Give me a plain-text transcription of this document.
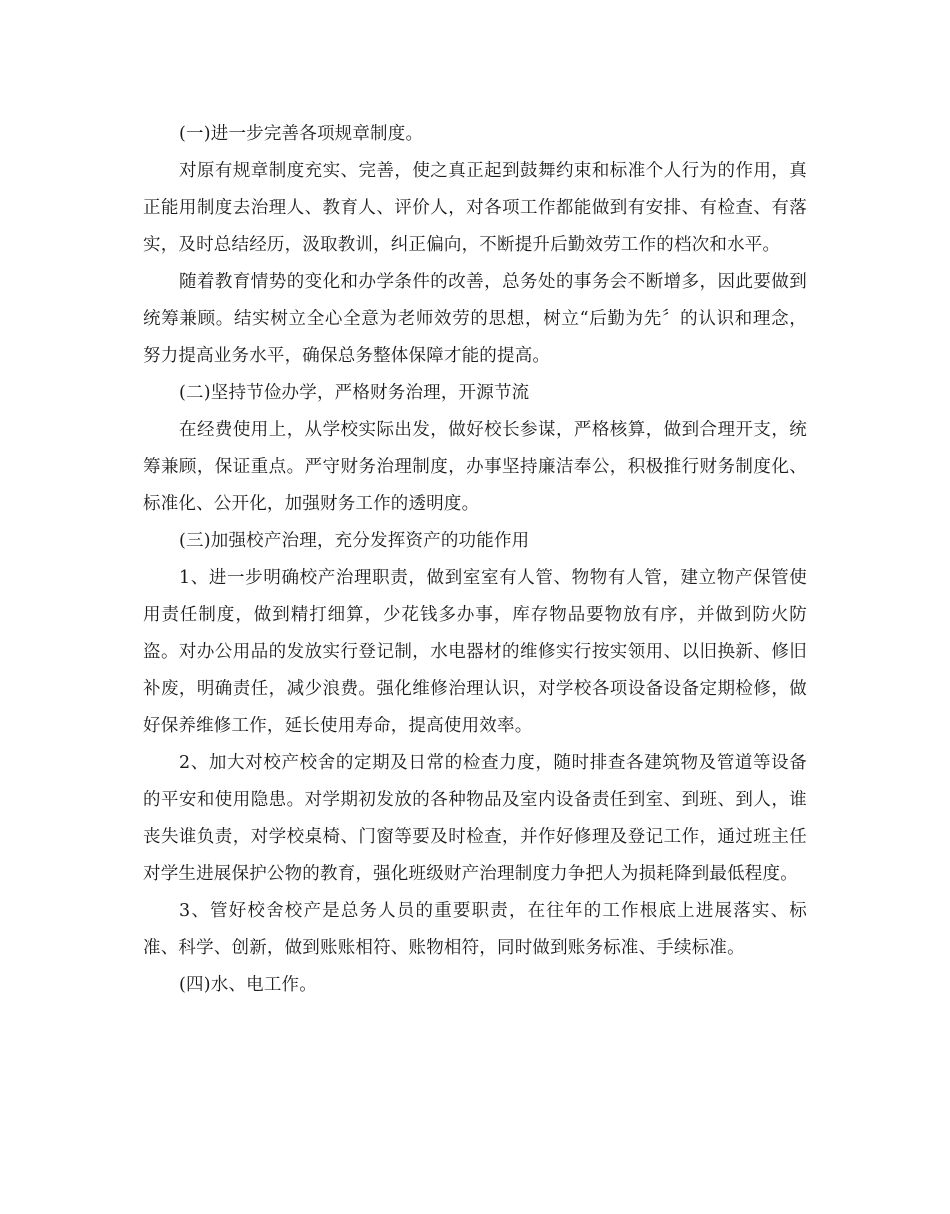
(一)进一步完善各项规章制度。

对原有规章制度充实、完善，使之真正起到鼓舞约束和标准个人行为的作用，真正能用制度去治理人、教育人、评价人，对各项工作都能做到有安排、有检查、有落实，及时总结经历，汲取教训，纠正偏向，不断提升后勤效劳工作的档次和水平。

随着教育情势的变化和办学条件的改善，总务处的事务会不断增多，因此要做到统筹兼顾。结实树立全心全意为老师效劳的思想，树立“后勤为先〞的认识和理念，努力提高业务水平，确保总务整体保障才能的提高。

(二)坚持节俭办学，严格财务治理，开源节流

在经费使用上，从学校实际出发，做好校长参谋，严格核算，做到合理开支，统筹兼顾，保证重点。严守财务治理制度，办事坚持廉洁奉公，积极推行财务制度化、标准化、公开化，加强财务工作的透明度。

(三)加强校产治理，充分发挥资产的功能作用

1、进一步明确校产治理职责，做到室室有人管、物物有人管，建立物产保管使用责任制度，做到精打细算，少花钱多办事，库存物品要物放有序，并做到防火防盗。对办公用品的发放实行登记制，水电器材的维修实行按实领用、以旧换新、修旧补废，明确责任，减少浪费。强化维修治理认识，对学校各项设备设备定期检修，做好保养维修工作，延长使用寿命，提高使用效率。

2、加大对校产校舍的定期及日常的检查力度，随时排查各建筑物及管道等设备的平安和使用隐患。对学期初发放的各种物品及室内设备责任到室、到班、到人，谁丧失谁负责，对学校桌椅、门窗等要及时检查，并作好修理及登记工作，通过班主任对学生进展保护公物的教育，强化班级财产治理制度力争把人为损耗降到最低程度。

3、管好校舍校产是总务人员的重要职责，在往年的工作根底上进展落实、标准、科学、创新，做到账账相符、账物相符，同时做到账务标准、手续标准。

(四)水、电工作。
